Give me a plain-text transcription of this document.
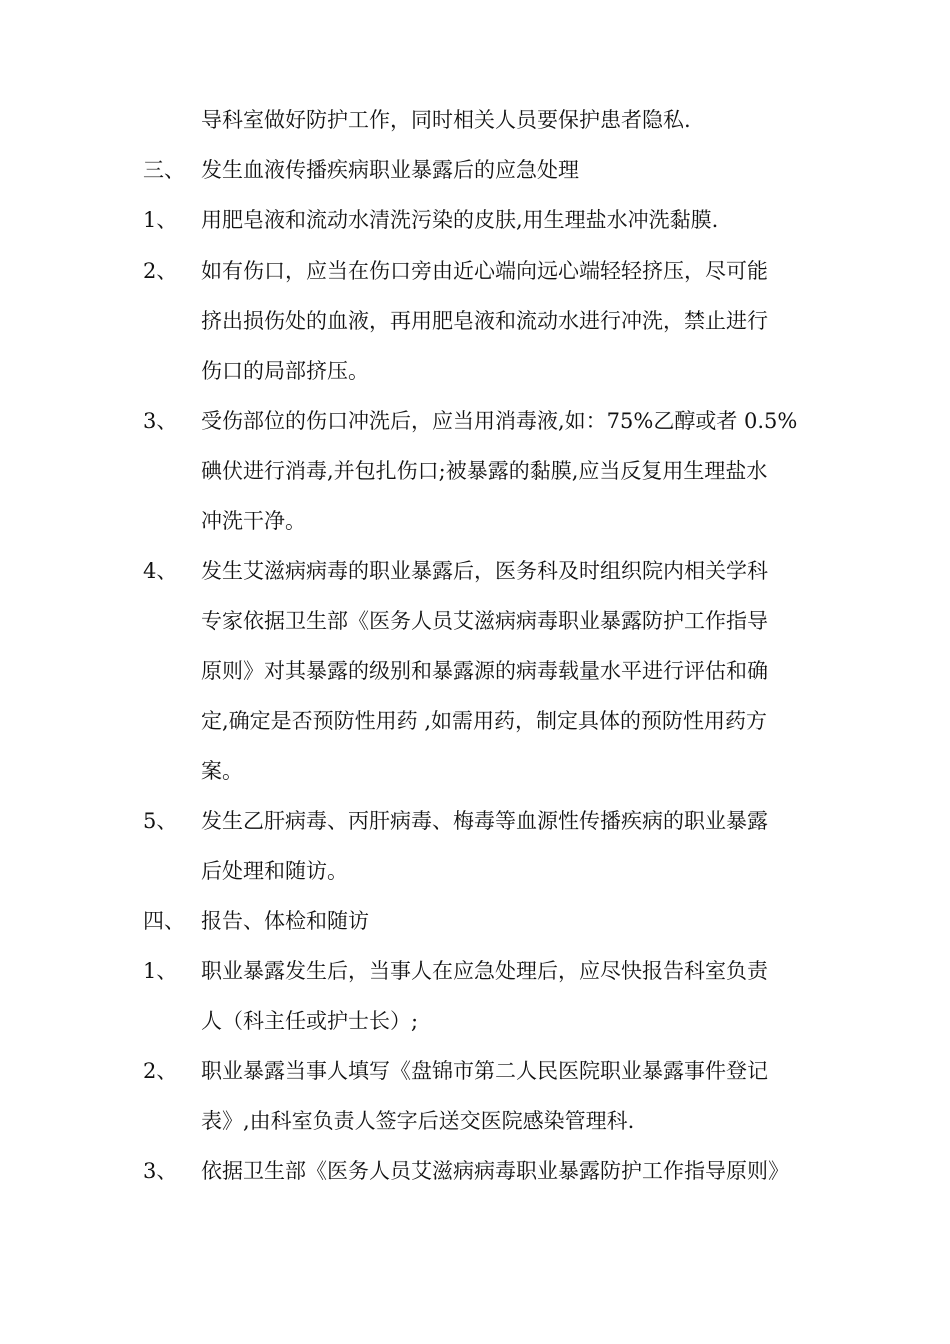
导科室做好防护工作，同时相关人员要保护患者隐私.
三、 发生血液传播疾病职业暴露后的应急处理
1、	用肥皂液和流动水清洗污染的皮肤,用生理盐水冲洗黏膜.
2、	如有伤口，应当在伤口旁由近心端向远心端轻轻挤压，尽可能
挤出损伤处的血液，再用肥皂液和流动水进行冲洗，禁止进行
伤口的局部挤压。
3、	受伤部位的伤口冲洗后，应当用消毒液,如：75%乙醇或者 0.5%
碘伏进行消毒,并包扎伤口;被暴露的黏膜,应当反复用生理盐水
冲洗干净。
4、	发生艾滋病病毒的职业暴露后，医务科及时组织院内相关学科
专家依据卫生部《医务人员艾滋病病毒职业暴露防护工作指导
原则》对其暴露的级别和暴露源的病毒载量水平进行评估和确
定,确定是否预防性用药 ,如需用药，制定具体的预防性用药方
案。
5、	发生乙肝病毒、丙肝病毒、梅毒等血源性传播疾病的职业暴露
后处理和随访。
四、 报告、体检和随访
1、	职业暴露发生后，当事人在应急处理后，应尽快报告科室负责
人（科主任或护士长）;
2、	职业暴露当事人填写《盘锦市第二人民医院职业暴露事件登记
表》,由科室负责人签字后送交医院感染管理科.
3、	依据卫生部《医务人员艾滋病病毒职业暴露防护工作指导原则》
